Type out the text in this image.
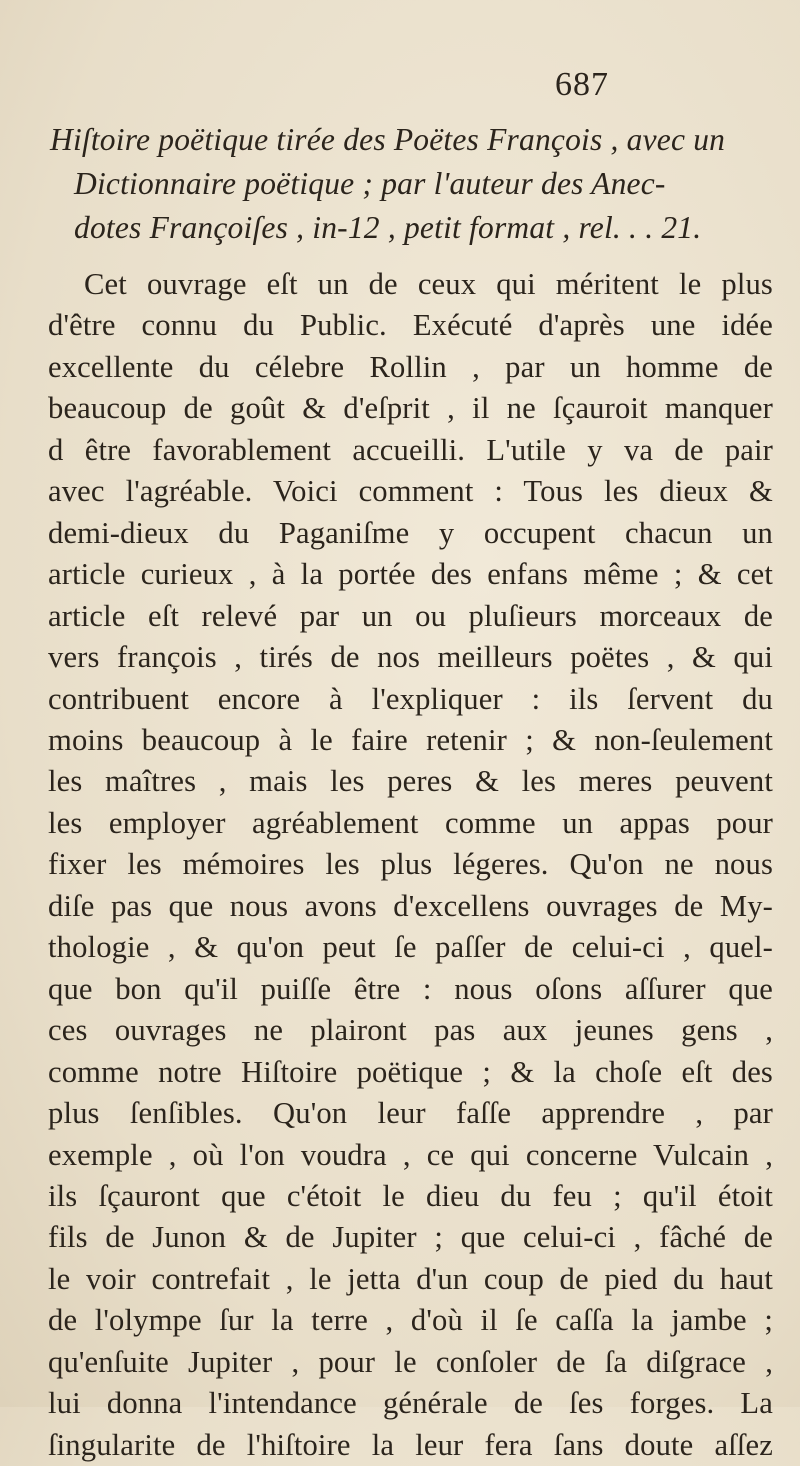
687
Hiſtoire poëtique tirée des Poëtes François , avec un
Dictionnaire poëtique ; par l'auteur des Anec-
dotes Françoiſes , in-12 , petit format , rel. . . 21.
Cet ouvrage eſt un de ceux qui méritent le plus
d'être connu du Public. Exécuté d'après une idée
excellente du célebre Rollin , par un homme de
beaucoup de goût & d'eſprit , il ne ſçauroit manquer
d être favorablement accueilli. L'utile y va de pair
avec l'agréable. Voici comment : Tous les dieux &
demi-dieux du Paganiſme y occupent chacun un
article curieux , à la portée des enfans même ; & cet
article eſt relevé par un ou pluſieurs morceaux de
vers françois , tirés de nos meilleurs poëtes , & qui
contribuent encore à l'expliquer : ils ſervent du
moins beaucoup à le faire retenir ; & non-ſeulement
les maîtres , mais les peres & les meres peuvent
les employer agréablement comme un appas pour
fixer les mémoires les plus légeres. Qu'on ne nous
diſe pas que nous avons d'excellens ouvrages de My-
thologie , & qu'on peut ſe paſſer de celui-ci , quel-
que bon qu'il puiſſe être : nous oſons aſſurer que
ces ouvrages ne plairont pas aux jeunes gens ,
comme notre Hiſtoire poëtique ; & la choſe eſt des
plus ſenſibles. Qu'on leur faſſe apprendre , par
exemple , où l'on voudra , ce qui concerne Vulcain ,
ils ſçauront que c'étoit le dieu du feu ; qu'il étoit
fils de Junon & de Jupiter ; que celui-ci , fâché de
le voir contrefait , le jetta d'un coup de pied du haut
de l'olympe ſur la terre , d'où il ſe caſſa la jambe ;
qu'enſuite Jupiter , pour le conſoler de ſa diſgrace ,
lui donna l'intendance générale de ſes forges. La
ſingularite de l'hiſtoire la leur fera ſans doute aſſez
